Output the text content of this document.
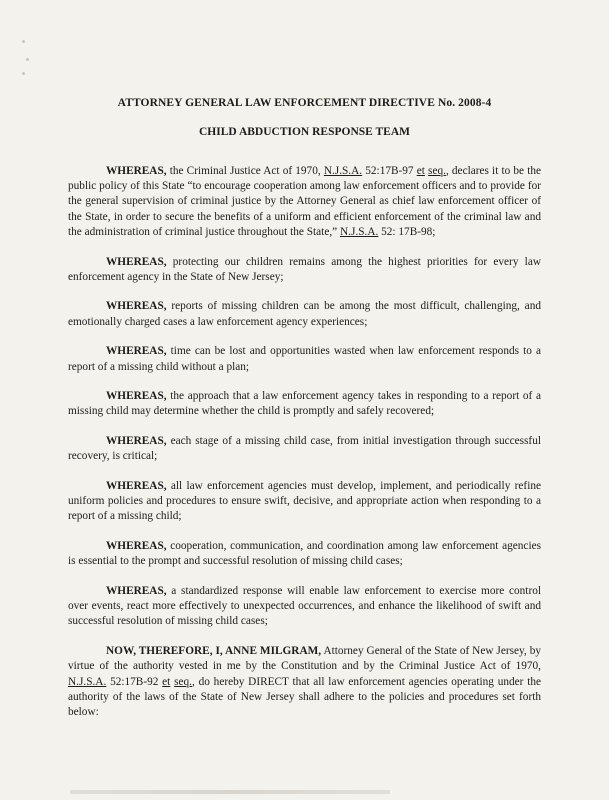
ATTORNEY GENERAL LAW ENFORCEMENT DIRECTIVE No. 2008-4
CHILD ABDUCTION RESPONSE TEAM

WHEREAS, the Criminal Justice Act of 1970, N.J.S.A. 52:17B-97 et seq., declares it to be the public policy of this State “to encourage cooperation among law enforcement officers and to provide for the general supervision of criminal justice by the Attorney General as chief law enforcement officer of the State, in order to secure the benefits of a uniform and efficient enforcement of the criminal law and the administration of criminal justice throughout the State,” N.J.S.A. 52: 17B-98;

WHEREAS, protecting our children remains among the highest priorities for every law enforcement agency in the State of New Jersey;

WHEREAS, reports of missing children can be among the most difficult, challenging, and emotionally charged cases a law enforcement agency experiences;

WHEREAS, time can be lost and opportunities wasted when law enforcement responds to a report of a missing child without a plan;

WHEREAS, the approach that a law enforcement agency takes in responding to a report of a missing child may determine whether the child is promptly and safely recovered;

WHEREAS, each stage of a missing child case, from initial investigation through successful recovery, is critical;

WHEREAS, all law enforcement agencies must develop, implement, and periodically refine uniform policies and procedures to ensure swift, decisive, and appropriate action when responding to a report of a missing child;

WHEREAS, cooperation, communication, and coordination among law enforcement agencies is essential to the prompt and successful resolution of missing child cases;

WHEREAS, a standardized response will enable law enforcement to exercise more control over events, react more effectively to unexpected occurrences, and enhance the likelihood of swift and successful resolution of missing child cases;

NOW, THEREFORE, I, ANNE MILGRAM, Attorney General of the State of New Jersey, by virtue of the authority vested in me by the Constitution and by the Criminal Justice Act of 1970, N.J.S.A. 52:17B-92 et seq., do hereby DIRECT that all law enforcement agencies operating under the authority of the laws of the State of New Jersey shall adhere to the policies and procedures set forth below:
